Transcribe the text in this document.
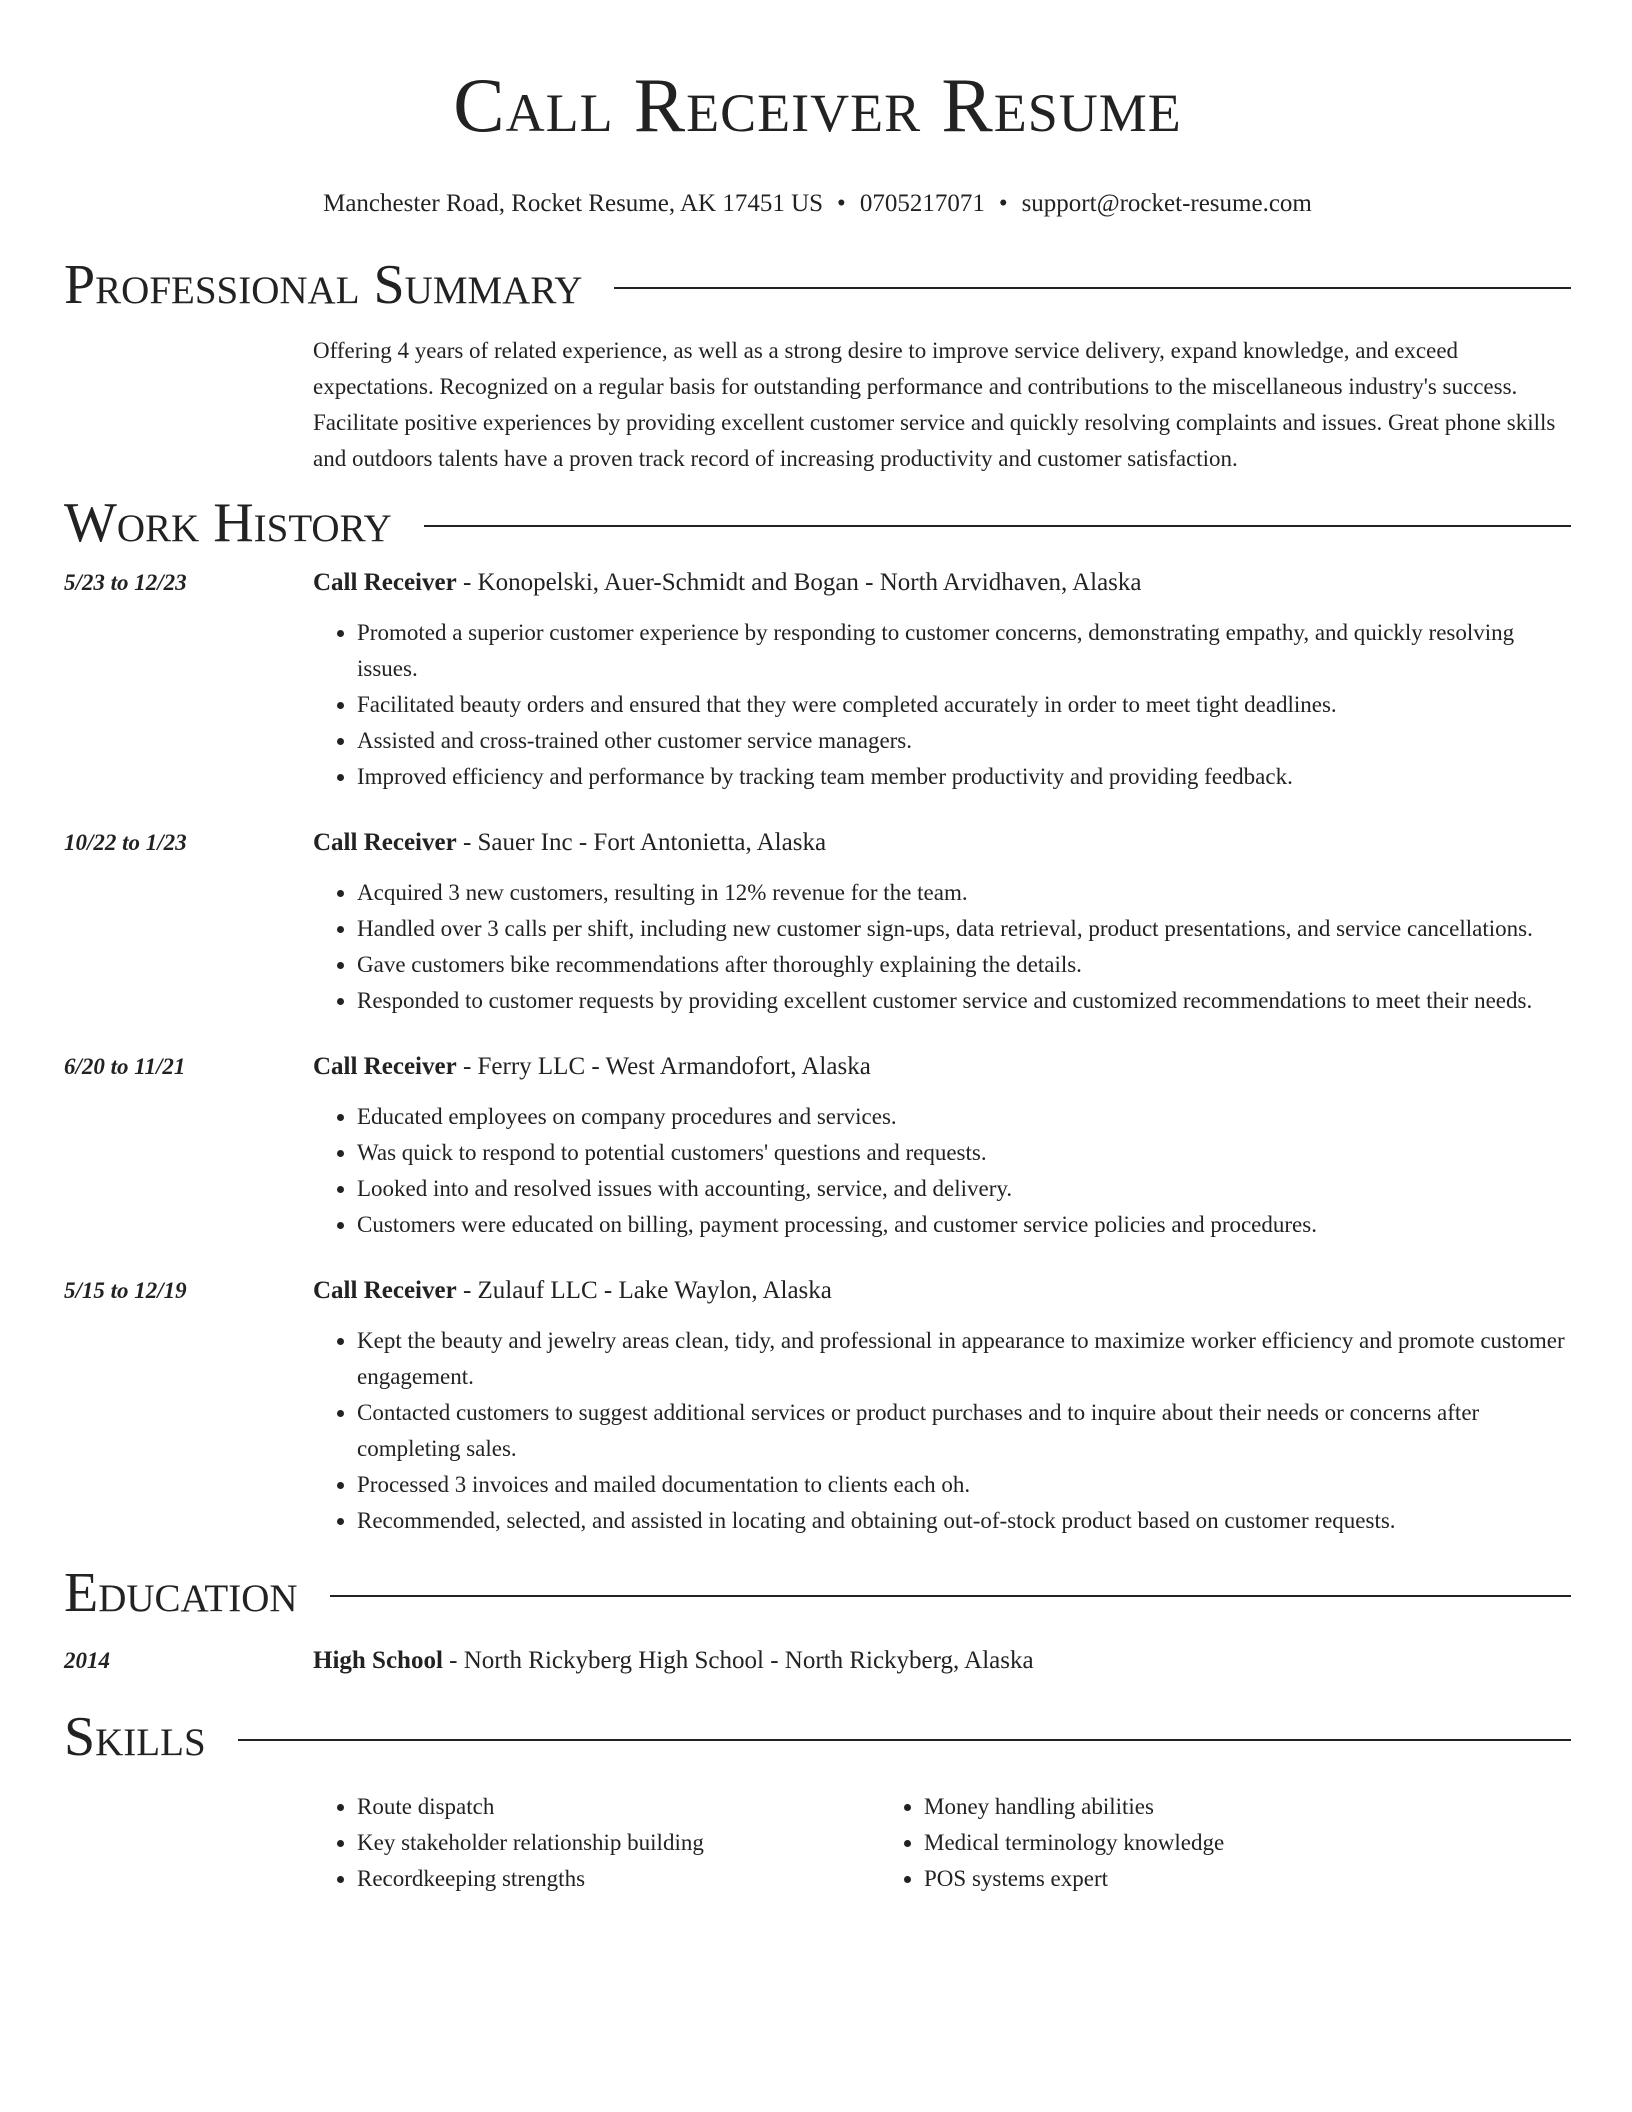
Call Receiver Resume
Manchester Road, Rocket Resume, AK 17451 US • 0705217071 • support@rocket-resume.com
Professional Summary
Offering 4 years of related experience, as well as a strong desire to improve service delivery, expand knowledge, and exceed expectations. Recognized on a regular basis for outstanding performance and contributions to the miscellaneous industry's success. Facilitate positive experiences by providing excellent customer service and quickly resolving complaints and issues. Great phone skills and outdoors talents have a proven track record of increasing productivity and customer satisfaction.
Work History
5/23 to 12/23	Call Receiver - Konopelski, Auer-Schmidt and Bogan - North Arvidhaven, Alaska
• Promoted a superior customer experience by responding to customer concerns, demonstrating empathy, and quickly resolving issues.
• Facilitated beauty orders and ensured that they were completed accurately in order to meet tight deadlines.
• Assisted and cross-trained other customer service managers.
• Improved efficiency and performance by tracking team member productivity and providing feedback.
10/22 to 1/23	Call Receiver - Sauer Inc - Fort Antonietta, Alaska
• Acquired 3 new customers, resulting in 12% revenue for the team.
• Handled over 3 calls per shift, including new customer sign-ups, data retrieval, product presentations, and service cancellations.
• Gave customers bike recommendations after thoroughly explaining the details.
• Responded to customer requests by providing excellent customer service and customized recommendations to meet their needs.
6/20 to 11/21	Call Receiver - Ferry LLC - West Armandofort, Alaska
• Educated employees on company procedures and services.
• Was quick to respond to potential customers' questions and requests.
• Looked into and resolved issues with accounting, service, and delivery.
• Customers were educated on billing, payment processing, and customer service policies and procedures.
5/15 to 12/19	Call Receiver - Zulauf LLC - Lake Waylon, Alaska
• Kept the beauty and jewelry areas clean, tidy, and professional in appearance to maximize worker efficiency and promote customer engagement.
• Contacted customers to suggest additional services or product purchases and to inquire about their needs or concerns after completing sales.
• Processed 3 invoices and mailed documentation to clients each oh.
• Recommended, selected, and assisted in locating and obtaining out-of-stock product based on customer requests.
Education
2014	High School - North Rickyberg High School - North Rickyberg, Alaska
Skills
• Route dispatch
• Key stakeholder relationship building
• Recordkeeping strengths
• Money handling abilities
• Medical terminology knowledge
• POS systems expert
